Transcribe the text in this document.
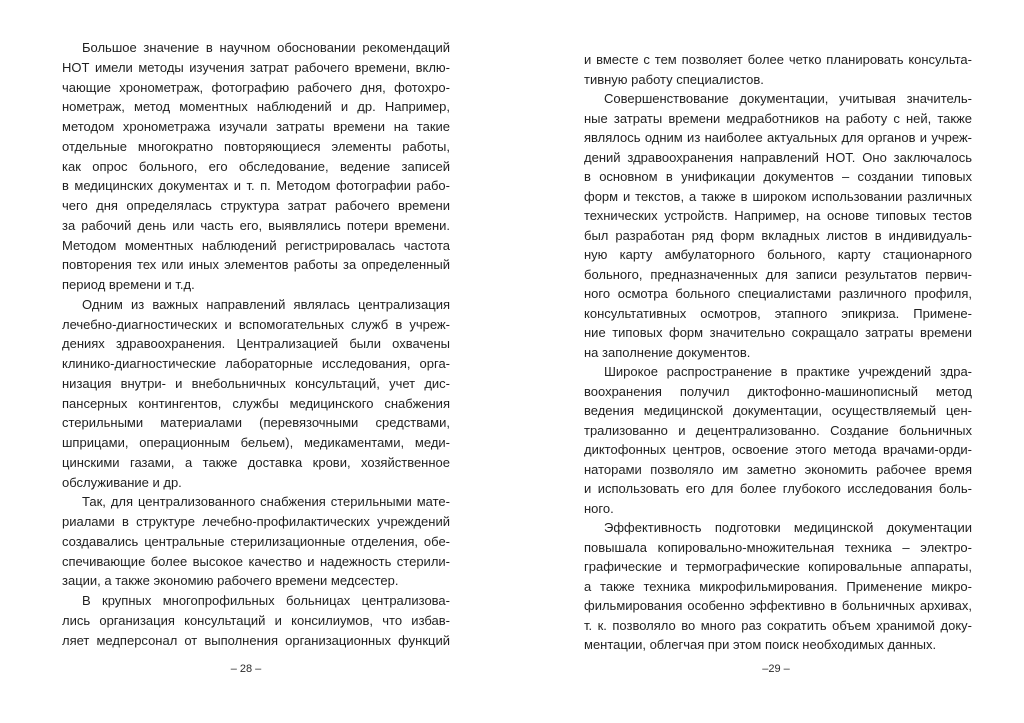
Большое значение в научном обосновании рекомендаций
НОТ имели методы изучения затрат рабочего времени, вклю-
чающие хронометраж, фотографию рабочего дня, фотохро-
нометраж, метод моментных наблюдений и др. Например,
методом хронометража изучали затраты времени на такие
отдельные многократно повторяющиеся элементы работы,
как опрос больного, его обследование, ведение записей
в медицинских документах и т. п. Методом фотографии рабо-
чего дня определялась структура затрат рабочего времени
за рабочий день или часть его, выявлялись потери времени.
Методом моментных наблюдений регистрировалась частота
повторения тех или иных элементов работы за определенный
период времени и т.д.
Одним из важных направлений являлась централизация
лечебно-диагностических и вспомогательных служб в учреж-
дениях здравоохранения. Централизацией были охвачены
клинико-диагностические лабораторные исследования, орга-
низация внутри- и внебольничных консультаций, учет дис-
пансерных контингентов, службы медицинского снабжения
стерильными материалами (перевязочными средствами,
шприцами, операционным бельем), медикаментами, меди-
цинскими газами, а также доставка крови, хозяйственное
обслуживание и др.
Так, для централизованного снабжения стерильными мате-
риалами в структуре лечебно-профилактических учреждений
создавались центральные стерилизационные отделения, обе-
спечивающие более высокое качество и надежность стерили-
зации, а также экономию рабочего времени медсестер.
В крупных многопрофильных больницах централизова-
лись организация консультаций и консилиумов, что избав-
ляет медперсонал от выполнения организационных функций
– 28 –
и вместе с тем позволяет более четко планировать консульта-
тивную работу специалистов.
Совершенствование документации, учитывая значитель-
ные затраты времени медработников на работу с ней, также
являлось одним из наиболее актуальных для органов и учреж-
дений здравоохранения направлений НОТ. Оно заключалось
в основном в унификации документов – создании типовых
форм и текстов, а также в широком использовании различных
технических устройств. Например, на основе типовых тестов
был разработан ряд форм вкладных листов в индивидуаль-
ную карту амбулаторного больного, карту стационарного
больного, предназначенных для записи результатов первич-
ного осмотра больного специалистами различного профиля,
консультативных осмотров, этапного эпикриза. Примене-
ние типовых форм значительно сокращало затраты времени
на заполнение документов.
Широкое распространение в практике учреждений здра-
воохранения получил диктофонно-машинописный метод
ведения медицинской документации, осуществляемый цен-
трализованно и децентрализованно. Создание больничных
диктофонных центров, освоение этого метода врачами-орди-
наторами позволяло им заметно экономить рабочее время
и использовать его для более глубокого исследования боль-
ного.
Эффективность подготовки медицинской документации
повышала копировально-множительная техника – электро-
графические и термографические копировальные аппараты,
а также техника микрофильмирования. Применение микро-
фильмирования особенно эффективно в больничных архивах,
т. к. позволяло во много раз сократить объем хранимой доку-
ментации, облегчая при этом поиск необходимых данных.
–29 –
